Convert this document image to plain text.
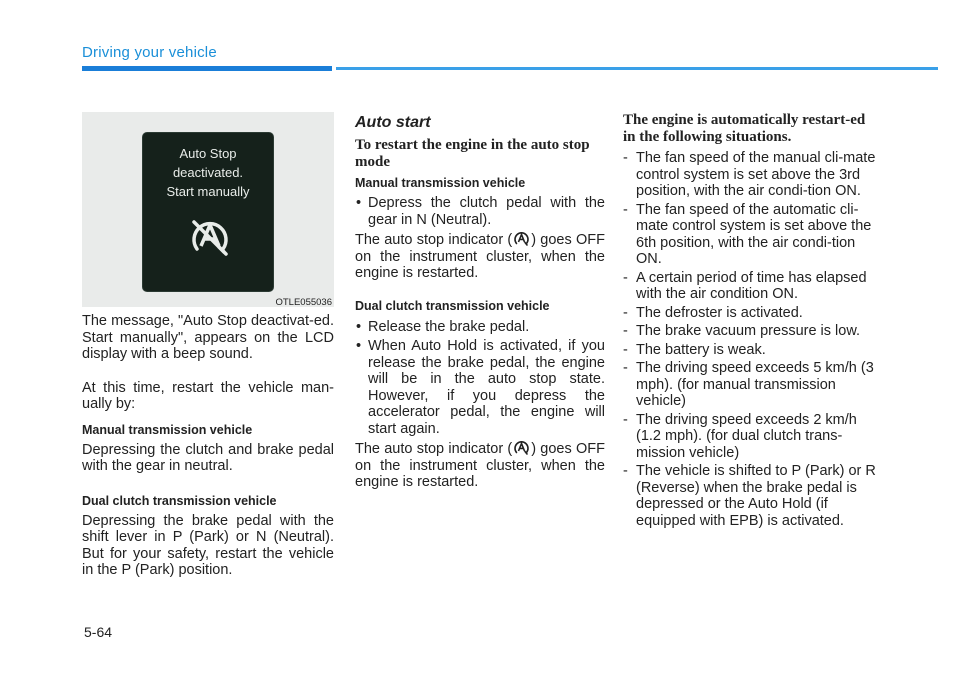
Driving your vehicle
Auto Stop
deactivated.
Start manually
OTLE055036

The message, "Auto Stop deactivat-ed. Start manually", appears on the LCD display with a beep sound.

At this time, restart the vehicle man-ually by:

Manual transmission vehicle

Depressing the clutch and brake pedal with the gear in neutral.

Dual clutch transmission vehicle

Depressing the brake pedal with the shift lever in P (Park) or N (Neutral). But for your safety, restart the vehicle in the P (Park) position.

Auto start

To restart the engine in the auto stop mode

Manual transmission vehicle

• Depress the clutch pedal with the gear in N (Neutral).

The auto stop indicator ( ) goes OFF on the instrument cluster, when the engine is restarted.

Dual clutch transmission vehicle

• Release the brake pedal.

• When Auto Hold is activated, if you release the brake pedal, the engine will be in the auto stop state. However, if you depress the accelerator pedal, the engine will start again.

The auto stop indicator ( ) goes OFF on the instrument cluster, when the engine is restarted.

The engine is automatically restart-ed in the following situations.

- The fan speed of the manual cli-mate control system is set above the 3rd position, with the air condi-tion ON.

- The fan speed of the automatic cli-mate control system is set above the 6th position, with the air condi-tion ON.

- A certain period of time has elapsed with the air condition ON.

- The defroster is activated.

- The brake vacuum pressure is low.

- The battery is weak.

- The driving speed exceeds 5 km/h (3 mph). (for manual transmission vehicle)

- The driving speed exceeds 2 km/h (1.2 mph). (for dual clutch trans-mission vehicle)

- The vehicle is shifted to P (Park) or R (Reverse) when the brake pedal is depressed or the Auto Hold (if equipped with EPB) is activated.

5-64
